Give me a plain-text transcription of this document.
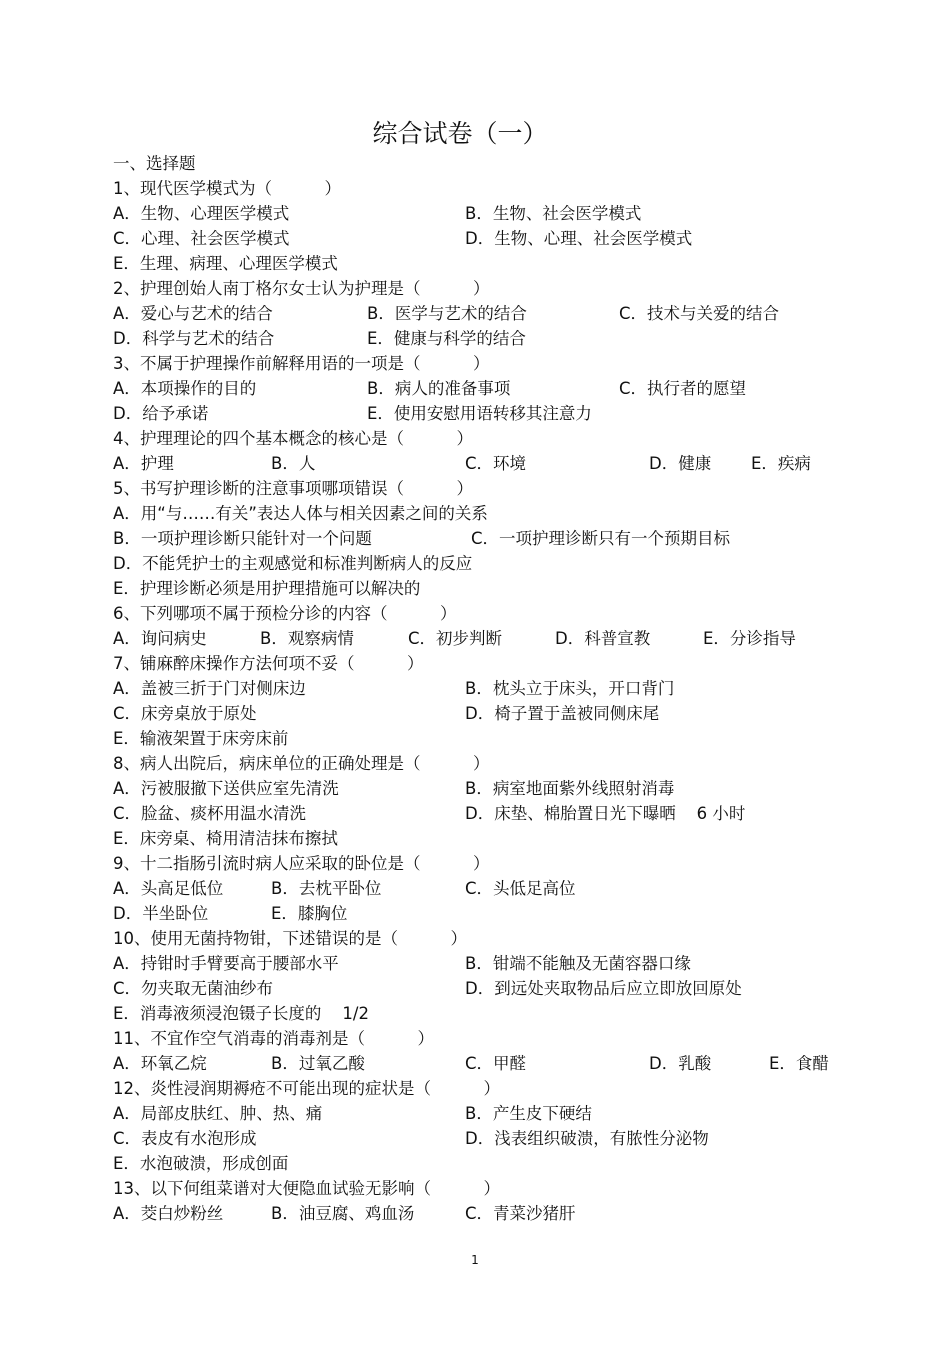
综合试卷（一）
一、选择题
1、现代医学模式为（          ）

A．生物、心理医学模式

	B．生物、社会医学模式

C．心理、社会医学模式

	D．生物、心理、社会医学模式

E．生理、病理、心理医学模式

2、护理创始人南丁格尔女士认为护理是（          ）

A．爱心与艺术的结合

	B．医学与艺术的结合

	C．技术与关爱的结合

D．科学与艺术的结合

	E．健康与科学的结合

3、不属于护理操作前解释用语的一项是（          ）

A．本项操作的目的

	B．病人的准备事项

	C．执行者的愿望

D．给予承诺

	E．使用安慰用语转移其注意力

4、护理理论的四个基本概念的核心是（          ）

A．护理

	B．人

	C．环境

	D．健康

E．疾病

5、书写护理诊断的注意事项哪项错误（          ）

A．用“与……有关”表达人体与相关因素之间的关系

B．一项护理诊断只能针对一个问题

	C．一项护理诊断只有一个预期目标

D．不能凭护士的主观感觉和标准判断病人的反应

E．护理诊断必须是用护理措施可以解决的

6、下列哪项不属于预检分诊的内容（          ）

A．询问病史

	B．观察病情

	C．初步判断

	D．科普宣教

	E．分诊指导

7、铺麻醉床操作方法何项不妥（          ）

A．盖被三折于门对侧床边

	B．枕头立于床头，开口背门

C．床旁桌放于原处

	D．椅子置于盖被同侧床尾

E．输液架置于床旁床前

8、病人出院后，病床单位的正确处理是（          ）

A．污被服撤下送供应室先清洗

	B．病室地面紫外线照射消毒

C．脸盆、痰杯用温水清洗

	D．床垫、棉胎置日光下曝晒    6 小时

E．床旁桌、椅用清洁抹布擦拭

9、十二指肠引流时病人应采取的卧位是（          ）

A．头高足低位

	B．去枕平卧位

	C．头低足高位

D．半坐卧位

	E．膝胸位

10、使用无菌持物钳，下述错误的是（          ）

A．持钳时手臂要高于腰部水平

	B．钳端不能触及无菌容器口缘

C．勿夹取无菌油纱布

	D．到远处夹取物品后应立即放回原处

E．消毒液须浸泡镊子长度的    1/2

11、不宜作空气消毒的消毒剂是（          ）

A．环氧乙烷

	B．过氧乙酸

	C．甲醛

	D．乳酸

	E．食醋

12、炎性浸润期褥疮不可能出现的症状是（          ）

A．局部皮肤红、肿、热、痛

	B．产生皮下硬结

C．表皮有水泡形成

	D．浅表组织破溃，有脓性分泌物

E．水泡破溃，形成创面

13、以下何组菜谱对大便隐血试验无影响（          ）

A．茭白炒粉丝

	B．油豆腐、鸡血汤

	C．青菜沙猪肝

1
